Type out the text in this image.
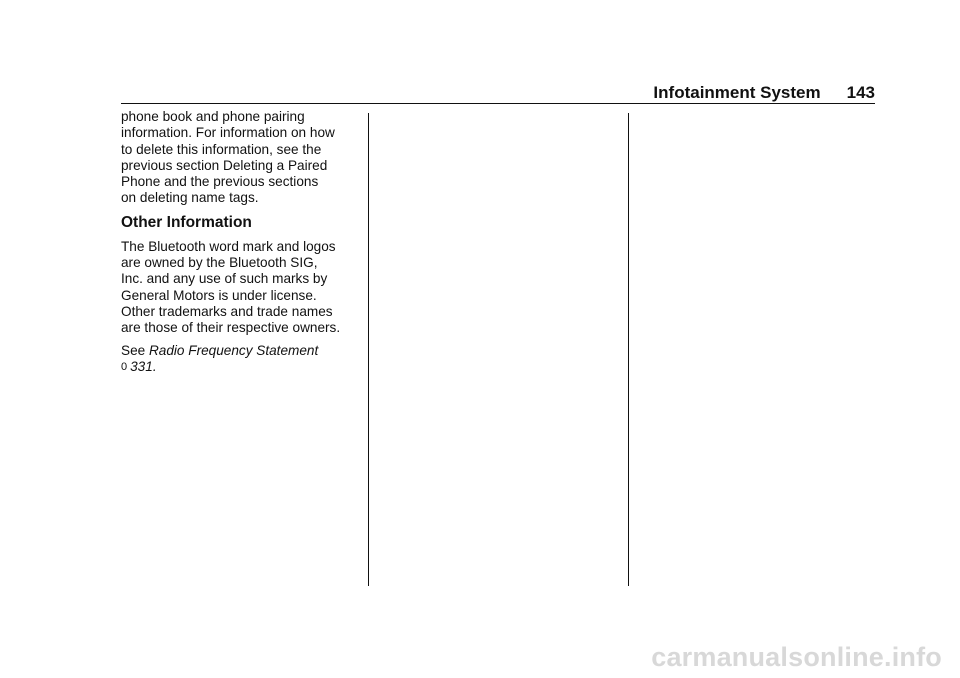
Infotainment System 143

phone book and phone pairing
information. For information on how
to delete this information, see the
previous section Deleting a Paired
Phone and the previous sections
on deleting name tags.

Other Information

The Bluetooth word mark and logos
are owned by the Bluetooth SIG,
Inc. and any use of such marks by
General Motors is under license.
Other trademarks and trade names
are those of their respective owners.

See Radio Frequency Statement
0 331.

carmanualsonline.info
